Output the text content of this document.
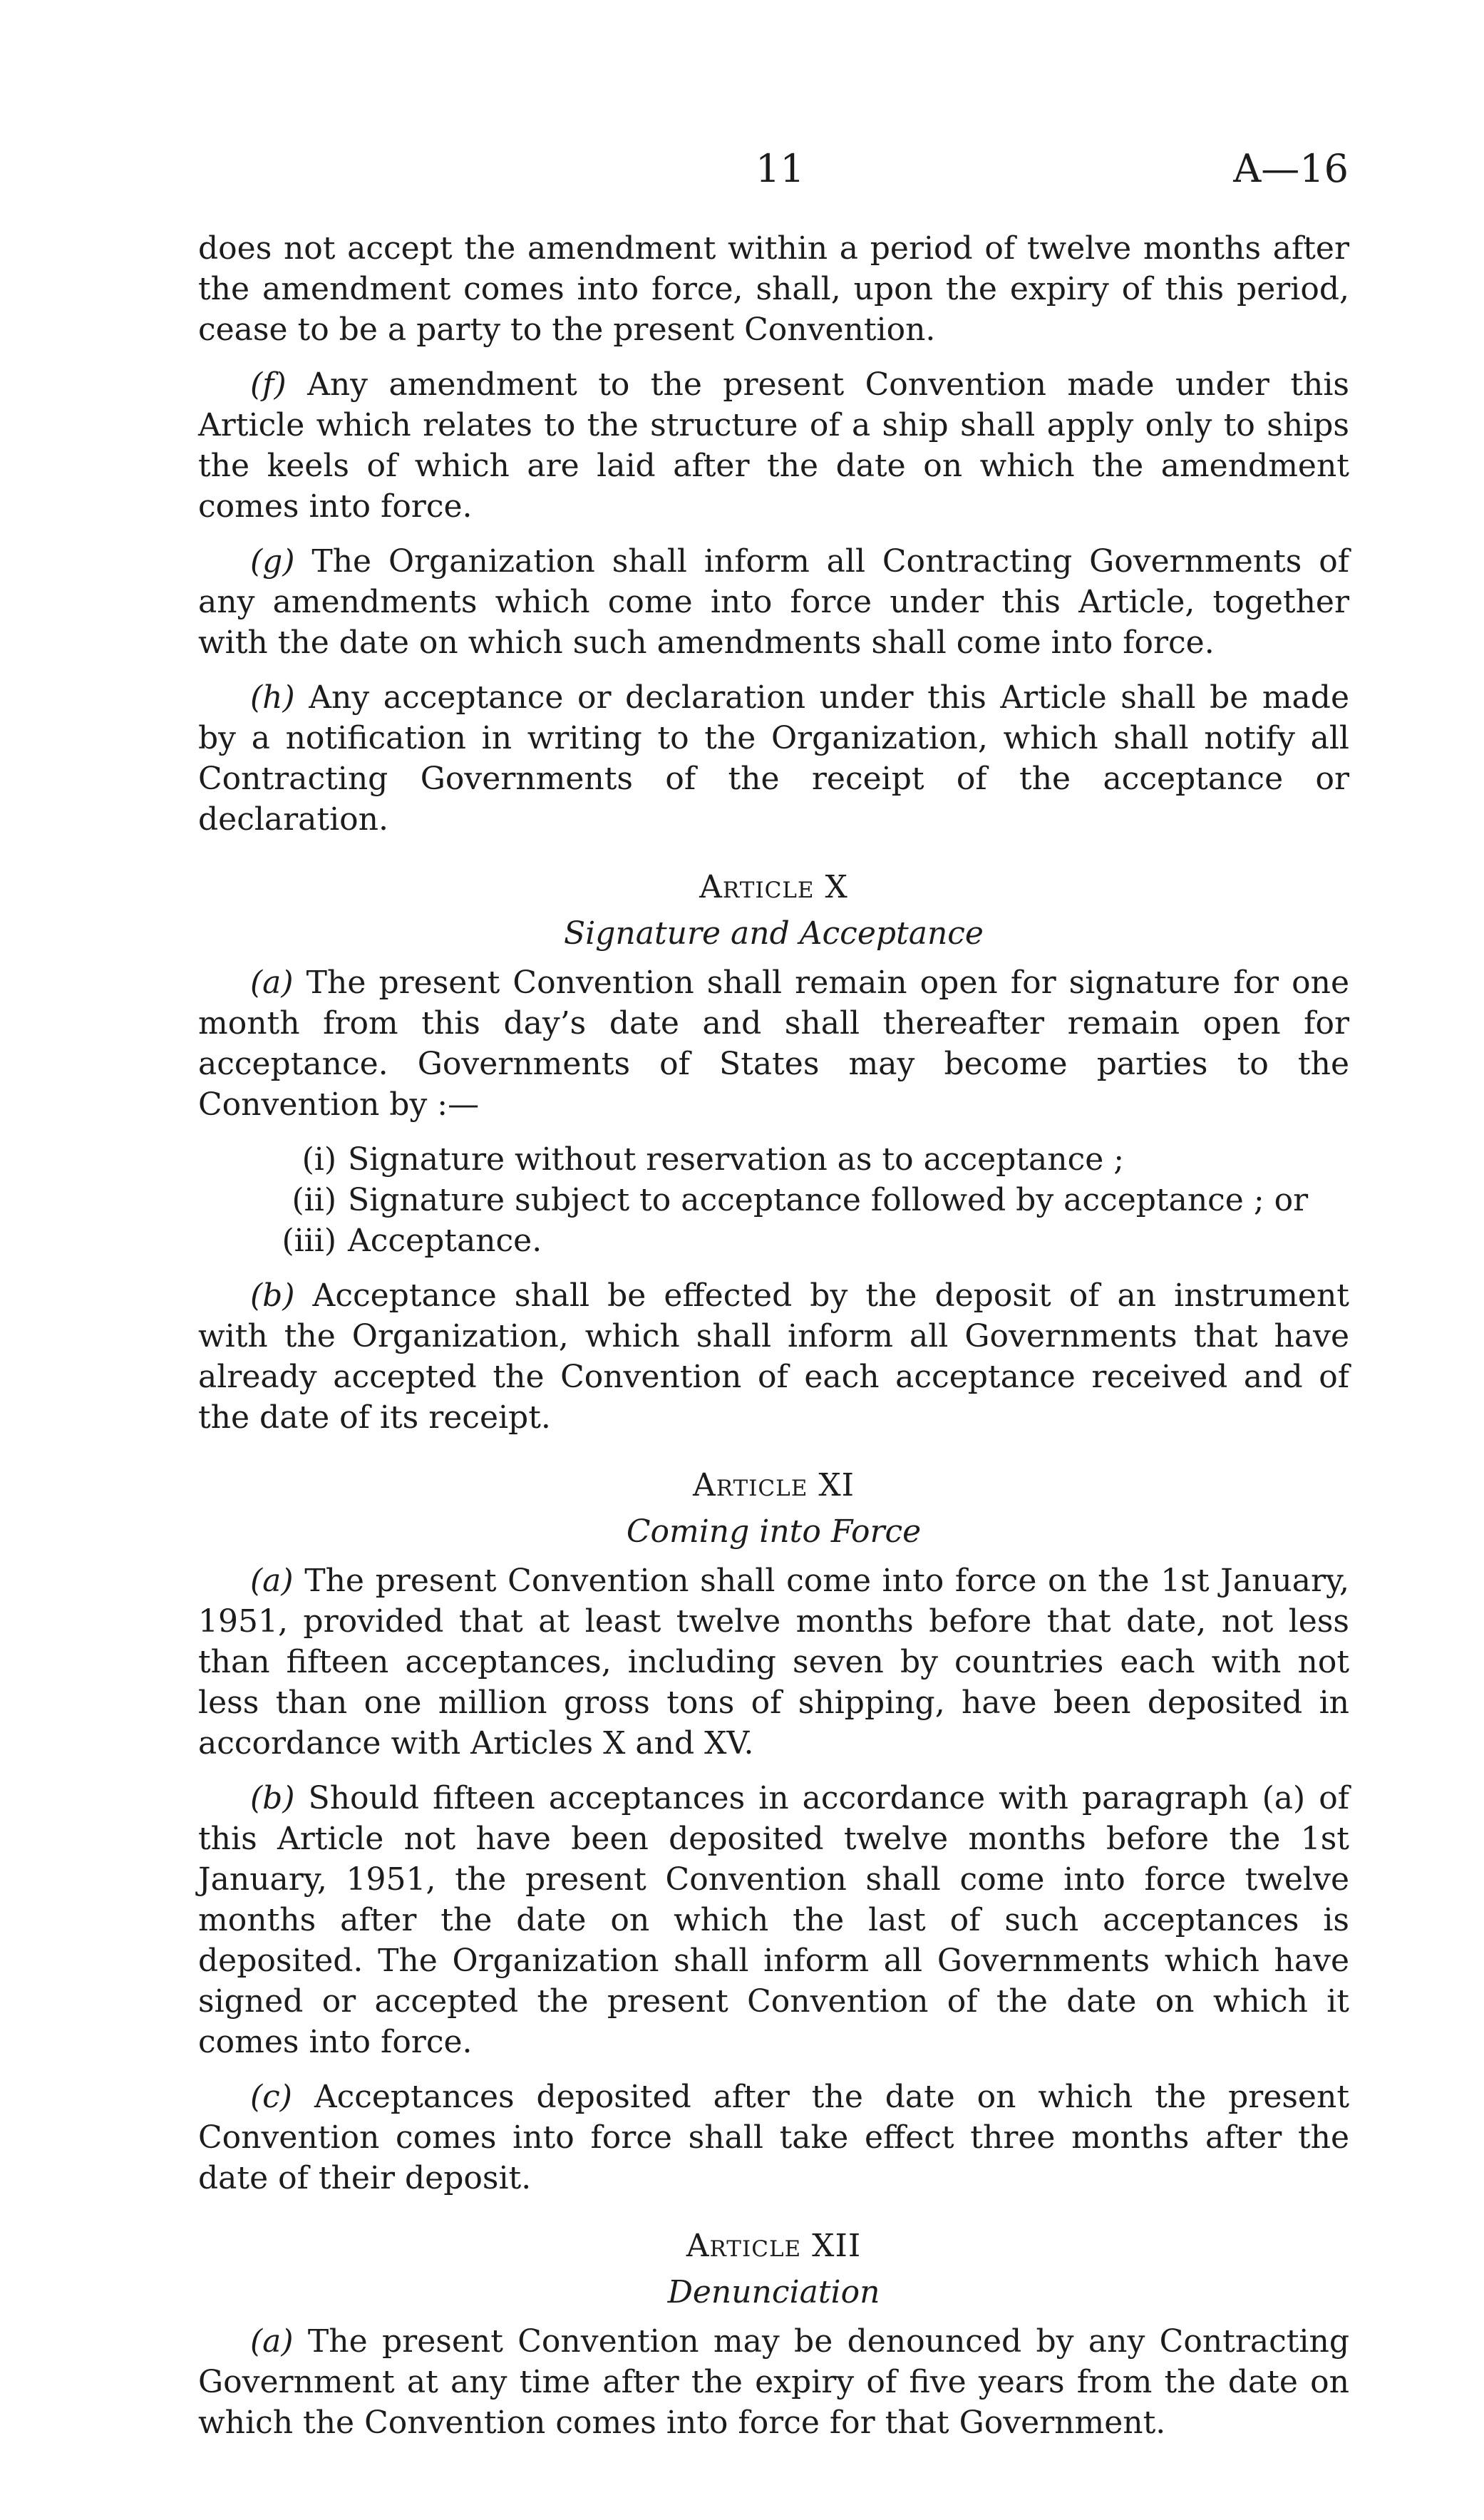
11	A—16

does not accept the amendment within a period of twelve months after the amendment comes into force, shall, upon the expiry of this period, cease to be a party to the present Convention.

(f) Any amendment to the present Convention made under this Article which relates to the structure of a ship shall apply only to ships the keels of which are laid after the date on which the amendment comes into force.

(g) The Organization shall inform all Contracting Governments of any amendments which come into force under this Article, together with the date on which such amendments shall come into force.

(h) Any acceptance or declaration under this Article shall be made by a notification in writing to the Organization, which shall notify all Contracting Governments of the receipt of the acceptance or declaration.

Article X
Signature and Acceptance

(a) The present Convention shall remain open for signature for one month from this day’s date and shall thereafter remain open for acceptance. Governments of States may become parties to the Convention by :—

(i) Signature without reservation as to acceptance ;
(ii) Signature subject to acceptance followed by acceptance ; or
(iii) Acceptance.

(b) Acceptance shall be effected by the deposit of an instrument with the Organization, which shall inform all Governments that have already accepted the Convention of each acceptance received and of the date of its receipt.

Article XI
Coming into Force

(a) The present Convention shall come into force on the 1st January, 1951, provided that at least twelve months before that date, not less than fifteen acceptances, including seven by countries each with not less than one million gross tons of shipping, have been deposited in accordance with Articles X and XV.

(b) Should fifteen acceptances in accordance with paragraph (a) of this Article not have been deposited twelve months before the 1st January, 1951, the present Convention shall come into force twelve months after the date on which the last of such acceptances is deposited. The Organization shall inform all Governments which have signed or accepted the present Convention of the date on which it comes into force.

(c) Acceptances deposited after the date on which the present Convention comes into force shall take effect three months after the date of their deposit.

Article XII
Denunciation

(a) The present Convention may be denounced by any Contracting Government at any time after the expiry of five years from the date on which the Convention comes into force for that Government.
